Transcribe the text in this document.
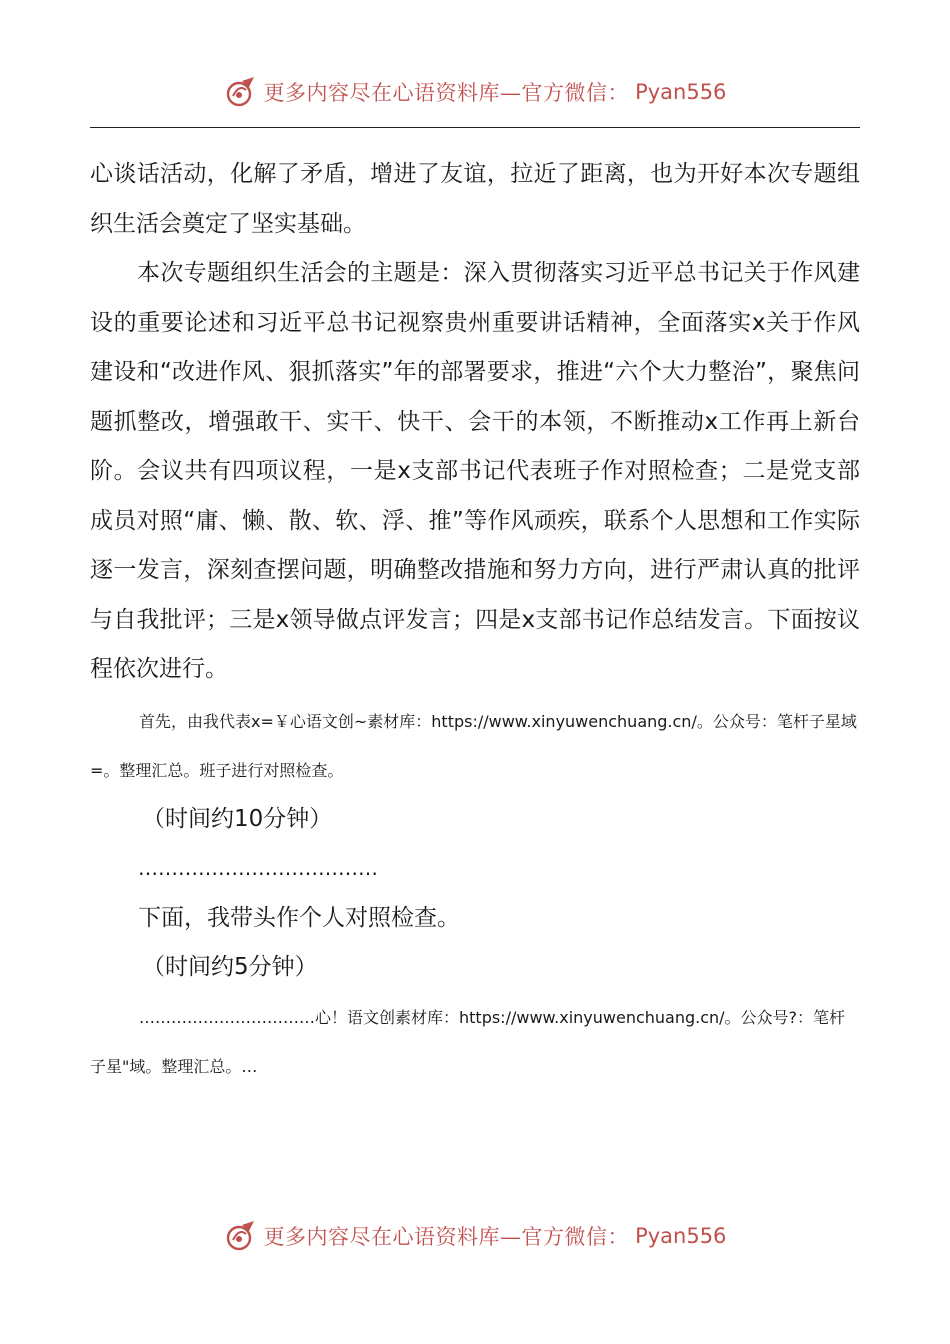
更多内容尽在心语资料库—官方微信： Pyan556

心谈话活动，化解了矛盾，增进了友谊，拉近了距离，也为开好本次专题组织生活会奠定了坚实基础。

本次专题组织生活会的主题是：深入贯彻落实习近平总书记关于作风建设的重要论述和习近平总书记视察贵州重要讲话精神，全面落实x关于作风建设和“改进作风、狠抓落实”年的部署要求，推进“六个大力整治”，聚焦问题抓整改，增强敢干、实干、快干、会干的本领，不断推动x工作再上新台阶。会议共有四项议程，一是x支部书记代表班子作对照检查；二是党支部成员对照“庸、懒、散、软、浮、推”等作风顽疾，联系个人思想和工作实际逐一发言，深刻查摆问题，明确整改措施和努力方向，进行严肃认真的批评与自我批评；三是x领导做点评发言；四是x支部书记作总结发言。下面按议程依次进行。

首先，由我代表x=￥心语文创~素材库：https://www.xinyuwenchuang.cn/。公众号：笔杆子星域=。整理汇总。班子进行对照检查。

（时间约10分钟）

………………………………

下面，我带头作个人对照检查。

（时间约5分钟）

……………………………心！语文创素材库：https://www.xinyuwenchuang.cn/。公众号?：笔杆子星"域。整理汇总。…

更多内容尽在心语资料库—官方微信： Pyan556
